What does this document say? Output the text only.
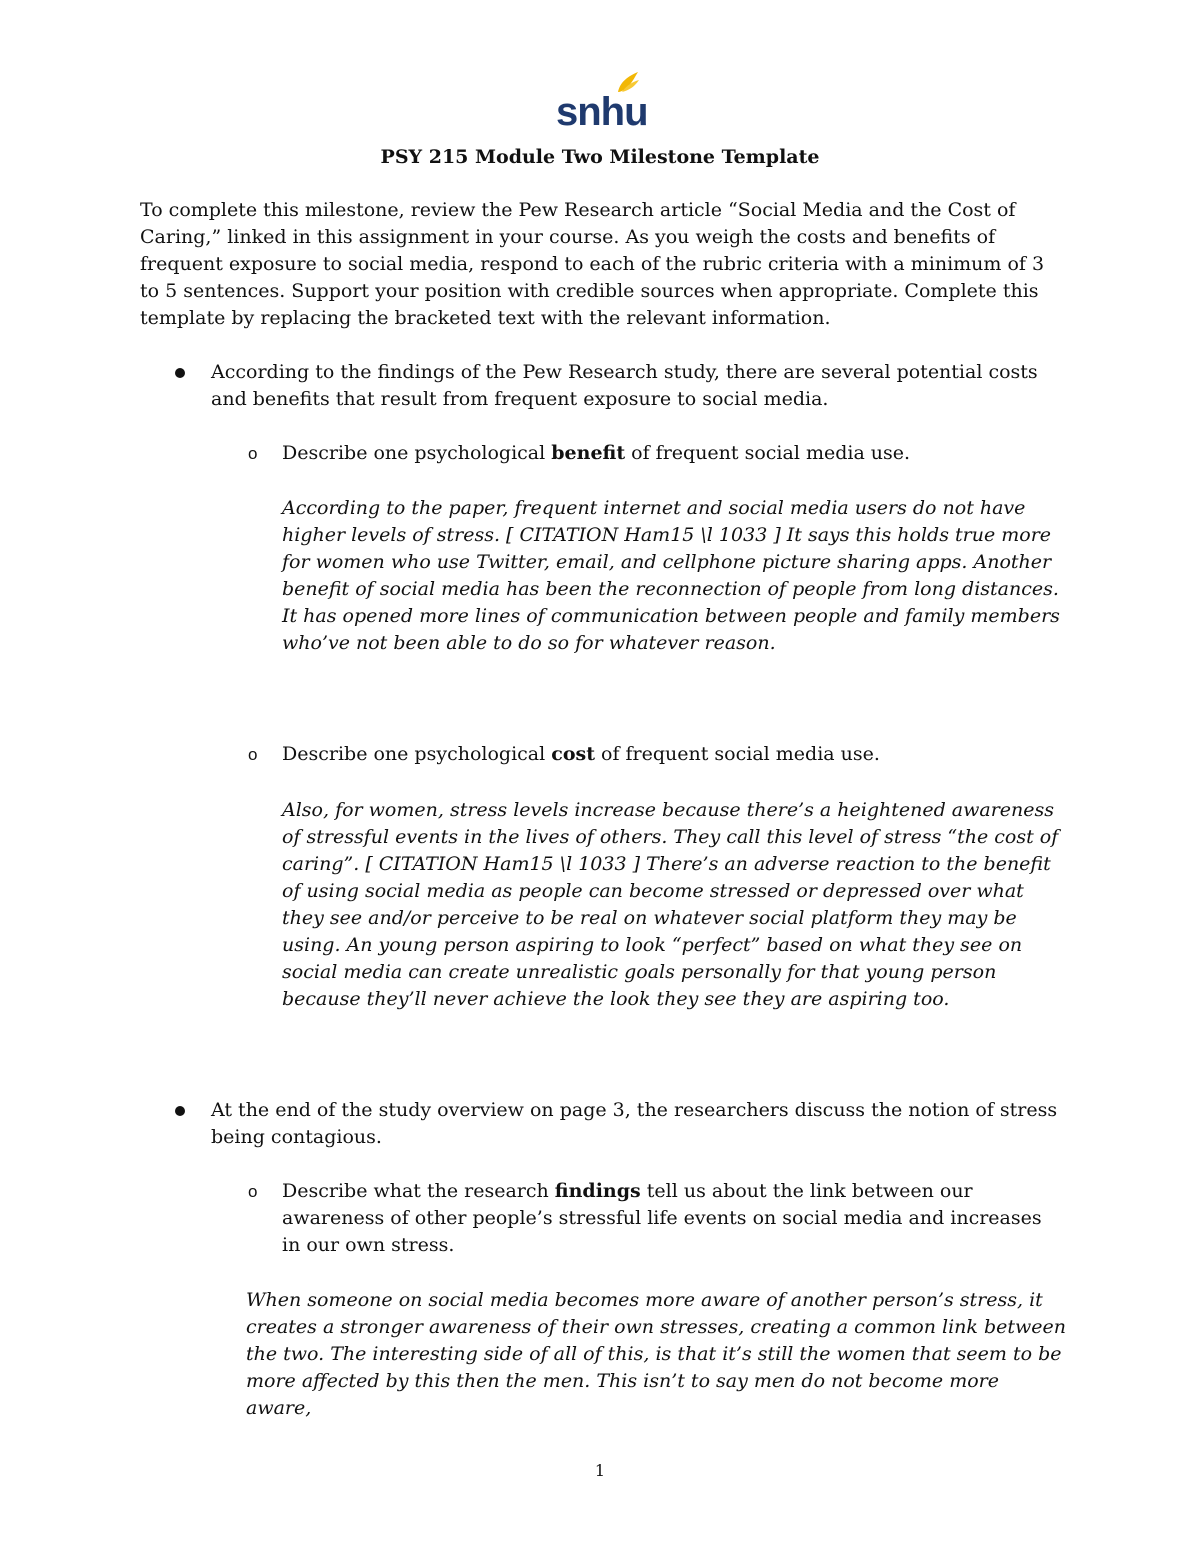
snhu
PSY 215 Module Two Milestone Template
To complete this milestone, review the Pew Research article “Social Media and the Cost of Caring,” linked in this assignment in your course. As you weigh the costs and benefits of frequent exposure to social media, respond to each of the rubric criteria with a minimum of 3 to 5 sentences. Support your position with credible sources when appropriate. Complete this template by replacing the bracketed text with the relevant information.
According to the findings of the Pew Research study, there are several potential costs and benefits that result from frequent exposure to social media.
o Describe one psychological benefit of frequent social media use.
According to the paper, frequent internet and social media users do not have higher levels of stress. [ CITATION Ham15 \l 1033 ] It says this holds true more for women who use Twitter, email, and cellphone picture sharing apps. Another benefit of social media has been the reconnection of people from long distances. It has opened more lines of communication between people and family members who’ve not been able to do so for whatever reason.
o Describe one psychological cost of frequent social media use.
Also, for women, stress levels increase because there’s a heightened awareness of stressful events in the lives of others. They call this level of stress “the cost of caring”. [ CITATION Ham15 \l 1033 ] There’s an adverse reaction to the benefit of using social media as people can become stressed or depressed over what they see and/or perceive to be real on whatever social platform they may be using. An young person aspiring to look “perfect” based on what they see on social media can create unrealistic goals personally for that young person because they’ll never achieve the look they see they are aspiring too.
At the end of the study overview on page 3, the researchers discuss the notion of stress being contagious.
o Describe what the research findings tell us about the link between our awareness of other people’s stressful life events on social media and increases in our own stress.
When someone on social media becomes more aware of another person’s stress, it creates a stronger awareness of their own stresses, creating a common link between the two. The interesting side of all of this, is that it’s still the women that seem to be more affected by this then the men. This isn’t to say men do not become more aware,
1
